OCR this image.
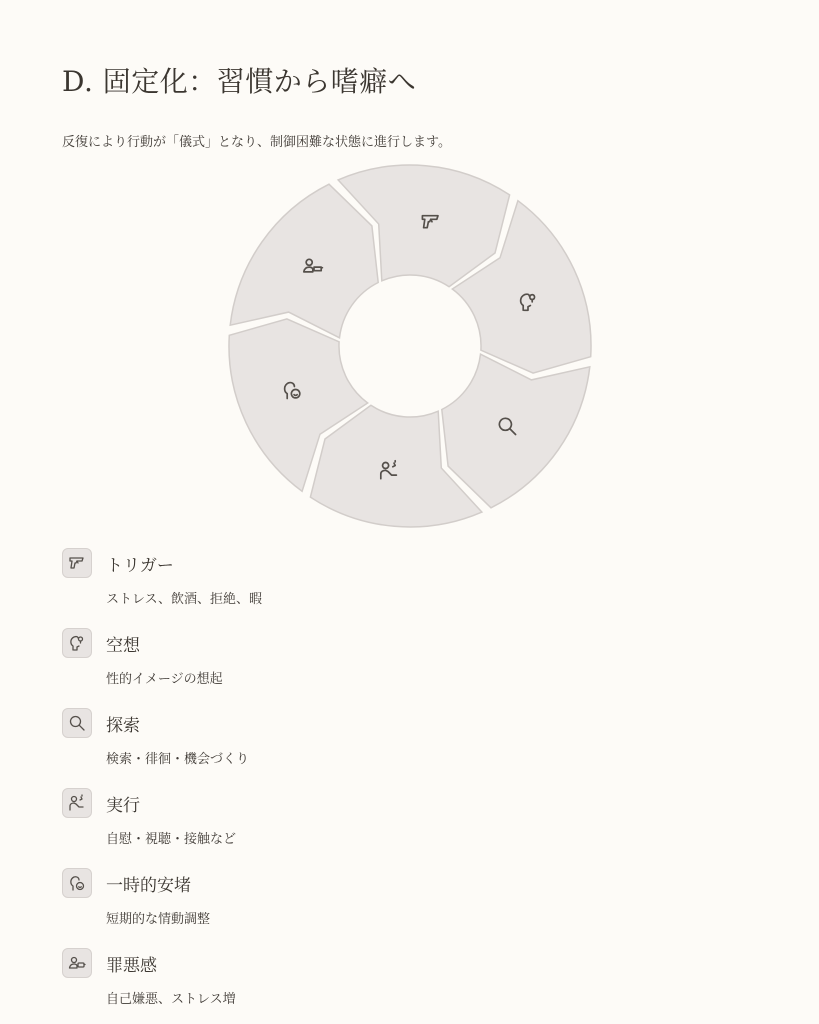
D. 固定化：習慣から嗜癖へ

反復により行動が「儀式」となり、制御困難な状態に進行します。

トリガー
ストレス、飲酒、拒絶、暇
空想
性的イメージの想起
探索
検索・徘徊・機会づくり
実行
自慰・視聴・接触など
一時的安堵
短期的な情動調整
罪悪感
自己嫌悪、ストレス増
